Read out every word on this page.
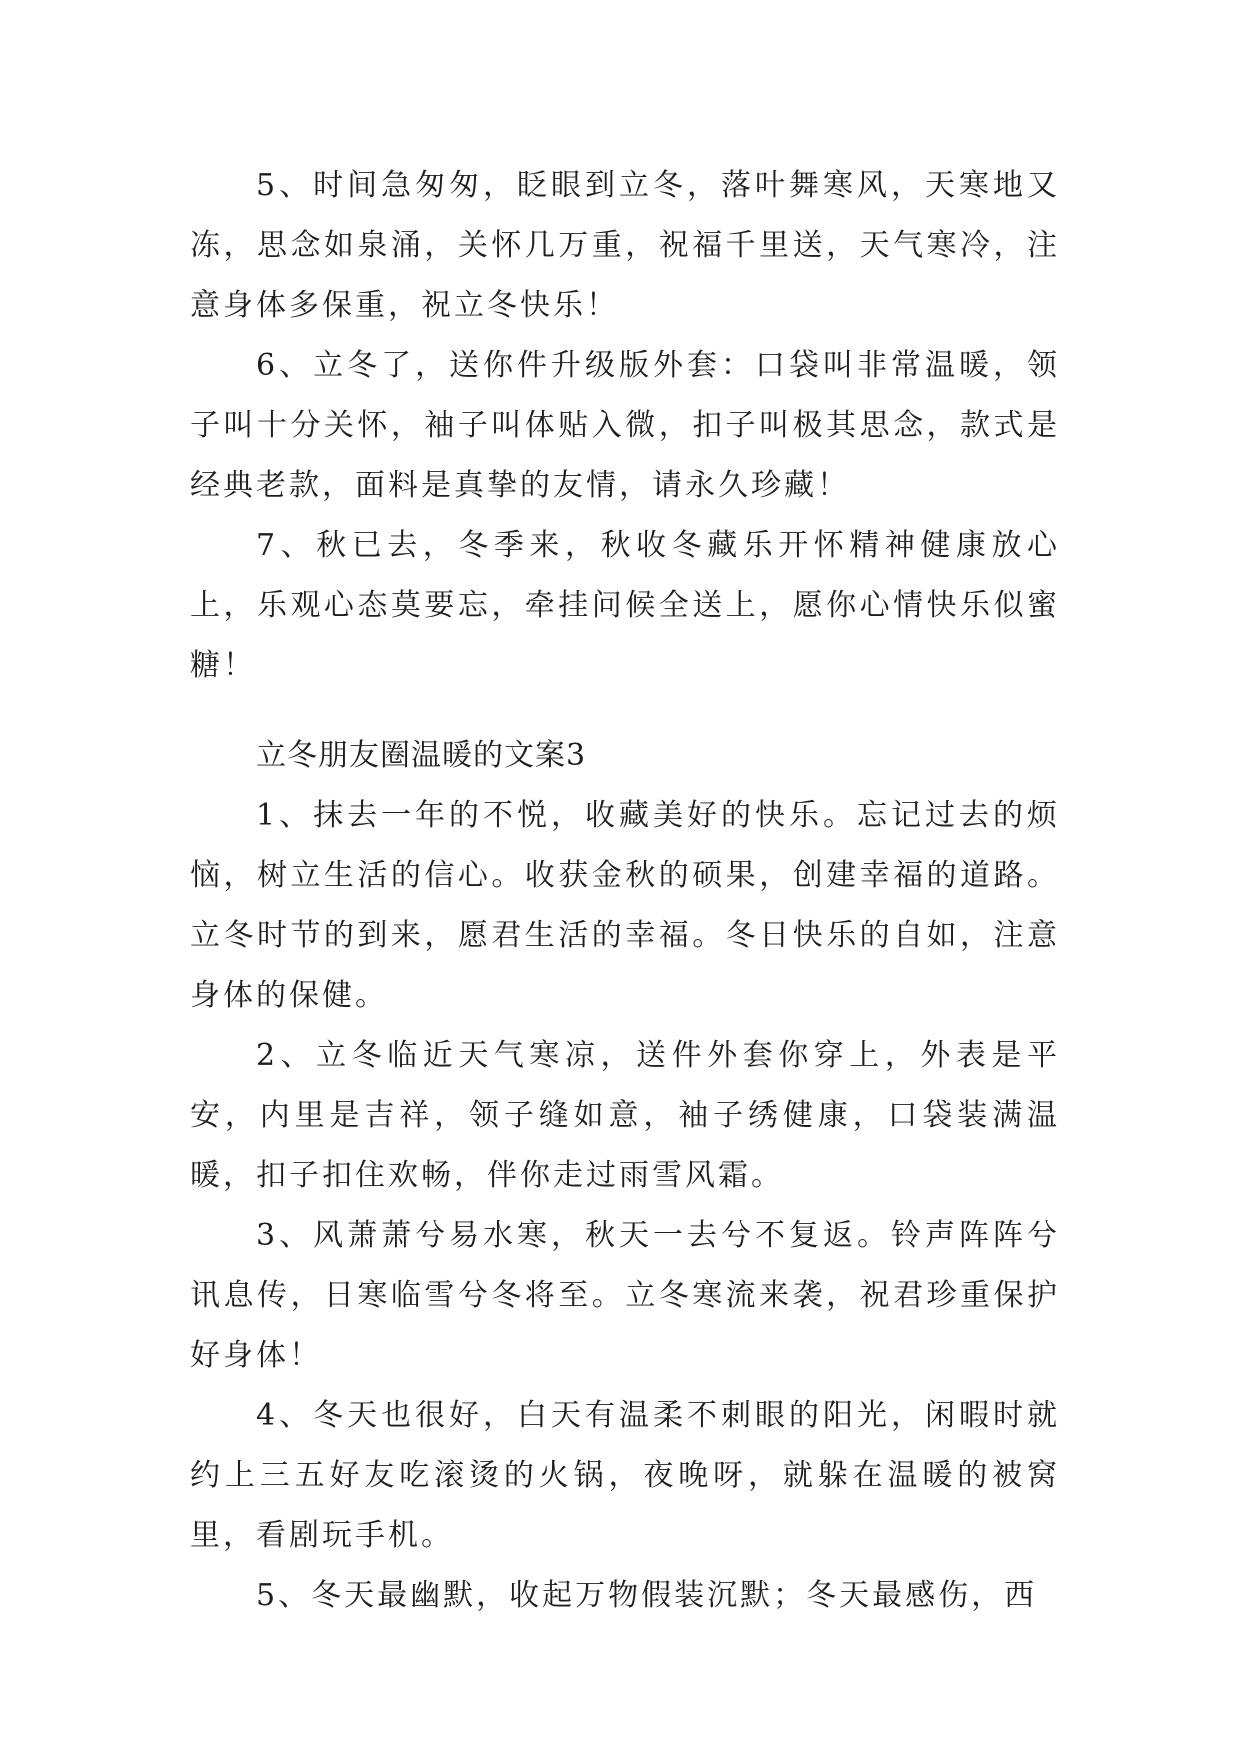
5、时间急匆匆，眨眼到立冬，落叶舞寒风，天寒地又冻，思念如泉涌，关怀几万重，祝福千里送，天气寒冷，注意身体多保重，祝立冬快乐！

6、立冬了，送你件升级版外套：口袋叫非常温暖，领子叫十分关怀，袖子叫体贴入微，扣子叫极其思念，款式是经典老款，面料是真挚的友情，请永久珍藏！

7、秋已去，冬季来，秋收冬藏乐开怀精神健康放心上，乐观心态莫要忘，牵挂问候全送上，愿你心情快乐似蜜糖！

立冬朋友圈温暖的文案3

1、抹去一年的不悦，收藏美好的快乐。忘记过去的烦恼，树立生活的信心。收获金秋的硕果，创建幸福的道路。立冬时节的到来，愿君生活的幸福。冬日快乐的自如，注意身体的保健。

2、立冬临近天气寒凉，送件外套你穿上，外表是平安，内里是吉祥，领子缝如意，袖子绣健康，口袋装满温暖，扣子扣住欢畅，伴你走过雨雪风霜。

3、风萧萧兮易水寒，秋天一去兮不复返。铃声阵阵兮讯息传，日寒临雪兮冬将至。立冬寒流来袭，祝君珍重保护好身体！

4、冬天也很好，白天有温柔不刺眼的阳光，闲暇时就约上三五好友吃滚烫的火锅，夜晚呀，就躲在温暖的被窝里，看剧玩手机。

5、冬天最幽默，收起万物假装沉默；冬天最感伤，西
